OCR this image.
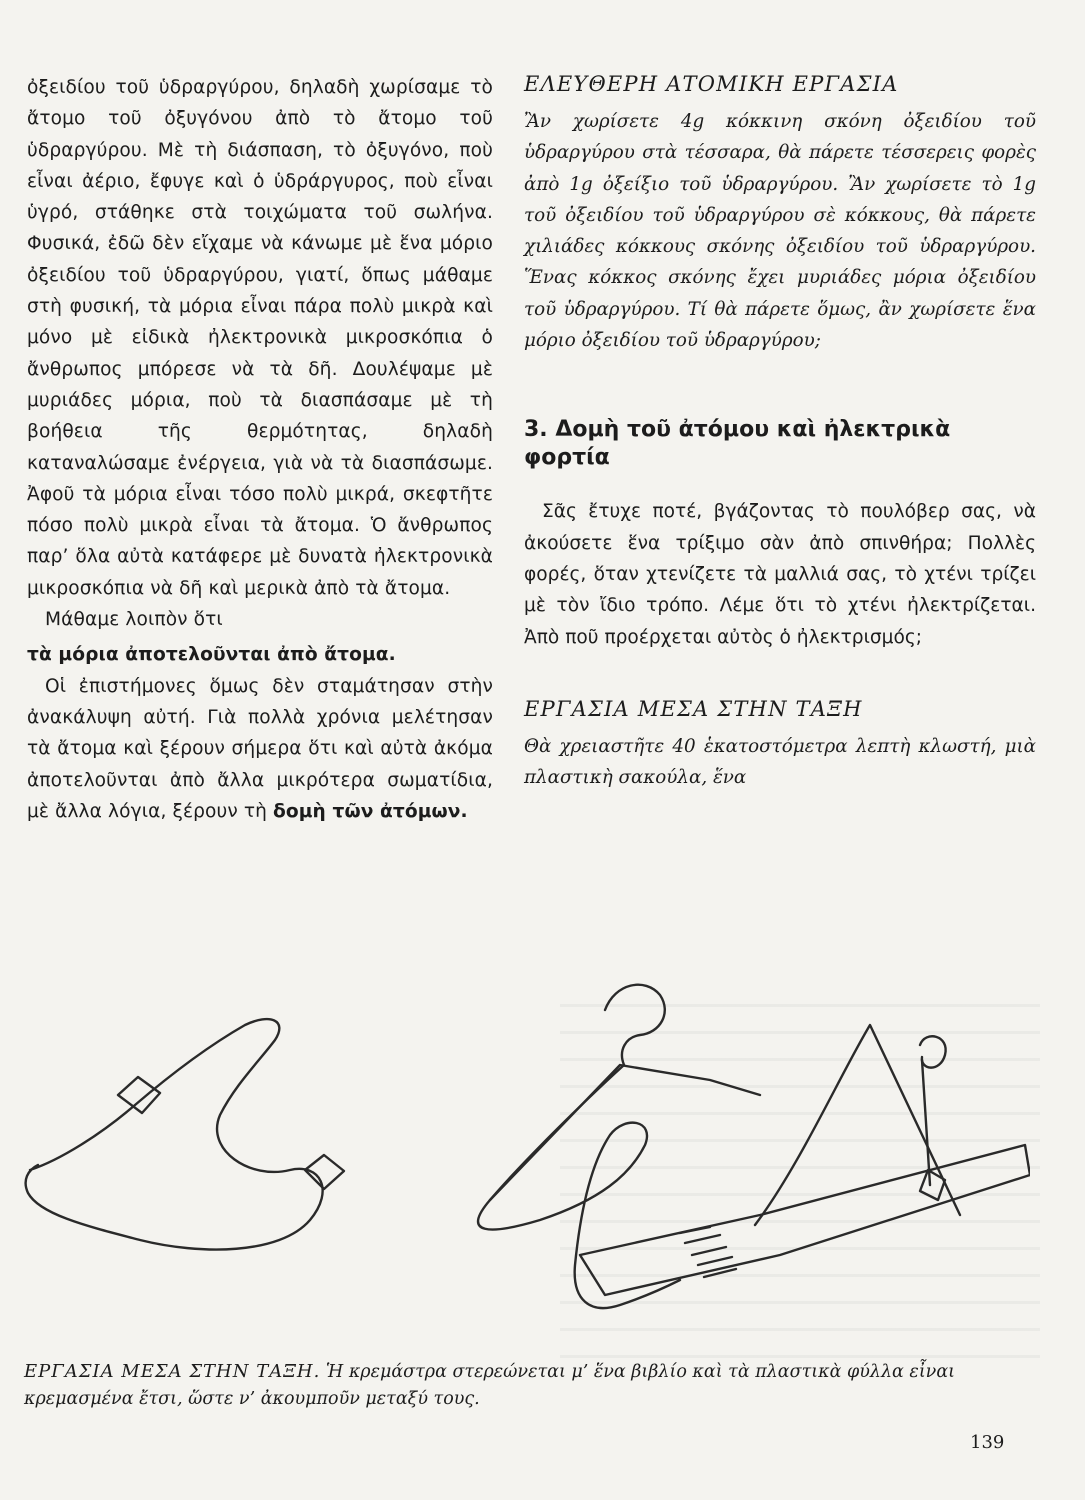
ὀξειδίου τοῦ ὑδραργύρου, δηλαδὴ χωρίσαμε τὸ ἄτομο τοῦ ὀξυγόνου ἀπὸ τὸ ἄτομο τοῦ ὑδραργύρου. Μὲ τὴ διάσπαση, τὸ ὀξυγόνο, ποὺ εἶναι ἀέριο, ἔφυγε καὶ ὁ ὑδράργυρος, ποὺ εἶναι ὑγρό, στάθηκε στὰ τοιχώματα τοῦ σωλήνα. Φυσικά, ἐδῶ δὲν εἴχαμε νὰ κάνωμε μὲ ἕνα μόριο ὀξειδίου τοῦ ὑδραργύρου, γιατί, ὅπως μάθαμε στὴ φυσική, τὰ μόρια εἶναι πάρα πολὺ μικρὰ καὶ μόνο μὲ εἰδικὰ ἠλεκτρονικὰ μικροσκόπια ὁ ἄνθρωπος μπόρεσε νὰ τὰ δῆ. Δουλέψαμε μὲ μυριάδες μόρια, ποὺ τὰ διασπάσαμε μὲ τὴ βοήθεια τῆς θερμότητας, δηλαδὴ καταναλώσαμε ἐνέργεια, γιὰ νὰ τὰ διασπάσωμε. Ἀφοῦ τὰ μόρια εἶναι τόσο πολὺ μικρά, σκεφτῆτε πόσο πολὺ μικρὰ εἶναι τὰ ἄτομα. Ὁ ἄνθρωπος παρ’ ὅλα αὐτὰ κατάφερε μὲ δυνατὰ ἠλεκτρονικὰ μικροσκόπια νὰ δῆ καὶ μερικὰ ἀπὸ τὰ ἄτομα.

Μάθαμε λοιπὸν ὅτι

τὰ μόρια ἀποτελοῦνται ἀπὸ ἄτομα.

Οἱ ἐπιστήμονες ὅμως δὲν σταμάτησαν στὴν ἀνακάλυψη αὐτή. Γιὰ πολλὰ χρόνια μελέτησαν τὰ ἄτομα καὶ ξέρουν σήμερα ὅτι καὶ αὐτὰ ἀκόμα ἀποτελοῦνται ἀπὸ ἄλλα μικρότερα σωματίδια, μὲ ἄλλα λόγια, ξέρουν τὴ δομὴ τῶν ἀτόμων.

ΕΛΕΥΘΕΡΗ ΑΤΟΜΙΚΗ ΕΡΓΑΣΙΑ

Ἂν χωρίσετε 4g κόκκινη σκόνη ὀξειδίου τοῦ ὑδραργύρου στὰ τέσσαρα, θὰ πάρετε τέσσερεις φορὲς ἀπὸ 1g ὀξείξιο τοῦ ὑδραργύρου. Ἂν χωρίσετε τὸ 1g τοῦ ὀξειδίου τοῦ ὑδραργύρου σὲ κόκκους, θὰ πάρετε χιλιάδες κόκκους σκόνης ὀξειδίου τοῦ ὑδραργύρου. Ἕνας κόκκος σκόνης ἔχει μυριάδες μόρια ὀξειδίου τοῦ ὑδραργύρου. Τί θὰ πάρετε ὅμως, ἂν χωρίσετε ἕνα μόριο ὀξειδίου τοῦ ὑδραργύρου;

3. Δομὴ τοῦ ἀτόμου καὶ ἠλεκτρικὰ φορτία

Σᾶς ἔτυχε ποτέ, βγάζοντας τὸ πουλόβερ σας, νὰ ἀκούσετε ἕνα τρίξιμο σὰν ἀπὸ σπινθήρα; Πολλὲς φορές, ὅταν χτενίζετε τὰ μαλλιά σας, τὸ χτένι τρίζει μὲ τὸν ἴδιο τρόπο. Λέμε ὅτι τὸ χτένι ἠλεκτρίζεται. Ἀπὸ ποῦ προέρχεται αὐτὸς ὁ ἠλεκτρισμός;

ΕΡΓΑΣΙΑ ΜΕΣΑ ΣΤΗΝ ΤΑΞΗ

Θὰ χρειαστῆτε 40 ἑκατοστόμετρα λεπτὴ κλωστή, μιὰ πλαστικὴ σακούλα, ἕνα

ΕΡΓΑΣΙΑ ΜΕΣΑ ΣΤΗΝ ΤΑΞΗ. Ἡ κρεμάστρα στερεώνεται μ’ ἕνα βιβλίο καὶ τὰ πλαστικὰ φύλλα εἶναι κρεμασμένα ἔτσι, ὥστε ν’ ἀκουμποῦν μεταξύ τους.
139
